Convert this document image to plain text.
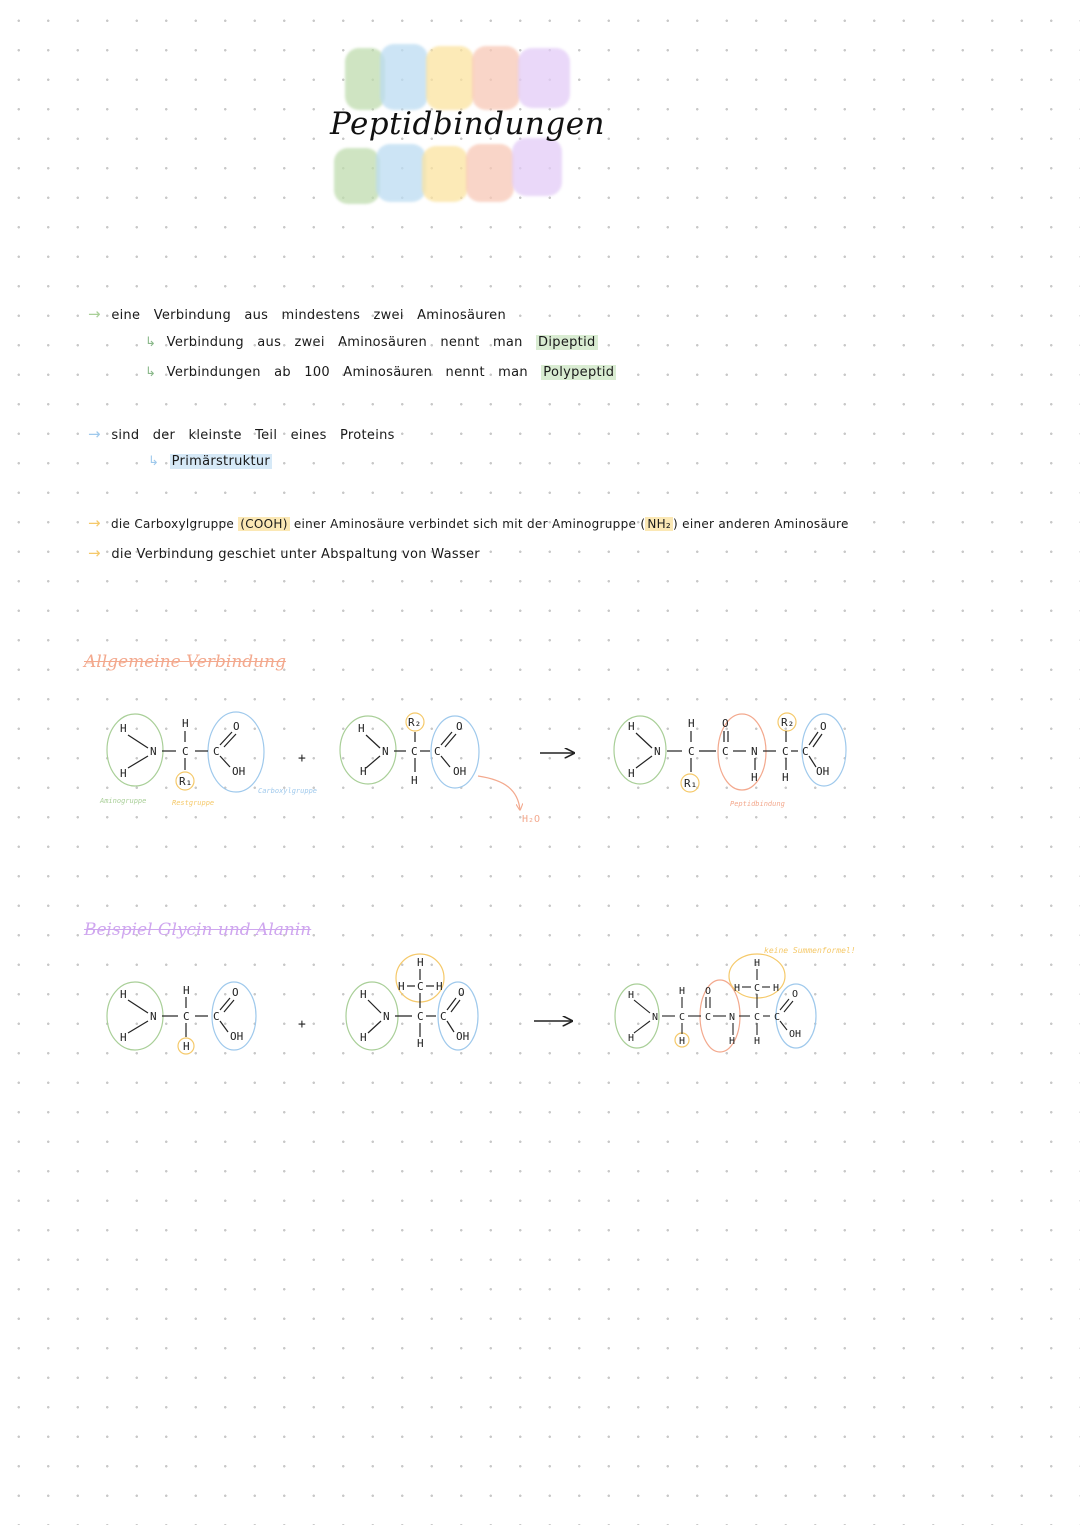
Peptidbindungen
→ eine Verbindung aus mindestens zwei Aminosäuren
↳ Verbindung aus zwei Aminosäuren nennt man Dipeptid
↳ Verbindungen ab 100 Aminosäuren nennt man Polypeptid
→ sind der kleinste Teil eines Proteins
↳ Primärstruktur
→ die Carboxylgruppe (COOH) einer Aminosäure verbindet sich mit der Aminogruppe ( NH₂ ) einer anderen Aminosäure
→ die Verbindung geschiet unter Abspaltung von Wasser
Allgemeine Verbindung
Beispiel Glycin und Alanin
H
H
N
H
C
R₁
C
O
OH
Aminogruppe	Restgruppe
Carboxylgruppe
+
H
H
N
R₂
C
H
C
O
OH
H₂O
H
H
N
H
C
R₁
O
C N
H
R₂
C
H
C
O
OH
Peptidbindung
H
H
N
H
C
H
C
O
OH
+
H
H
N
H
H C H
C
H
C
O
OH
H
H
N
H
C
H
O
C N
H
H
H C H
C
H
C
O
OH
keine Summenformel!
